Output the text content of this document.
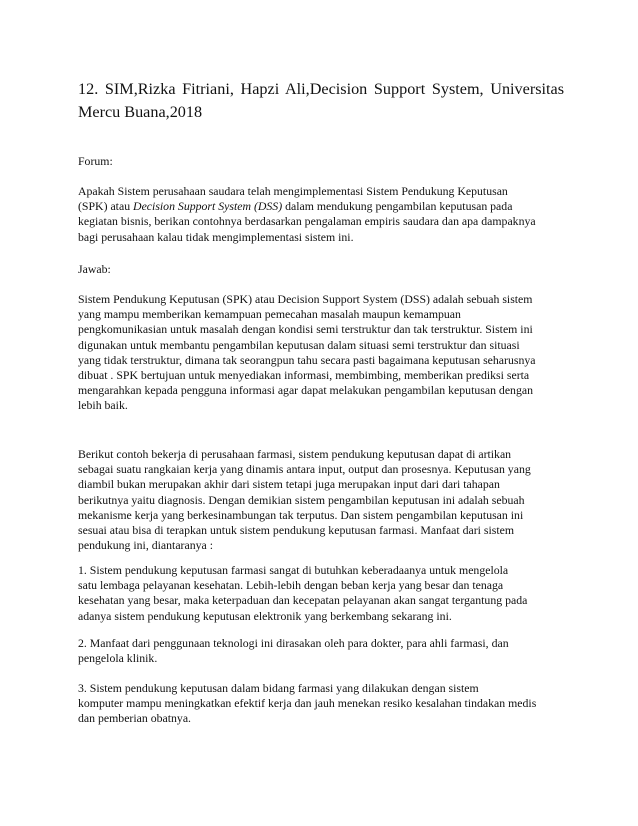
12. SIM,Rizka Fitriani, Hapzi Ali,Decision Support System, Universitas
Mercu Buana,2018
Forum:
Apakah Sistem perusahaan saudara telah mengimplementasi Sistem Pendukung Keputusan
(SPK) atau Decision Support System (DSS) dalam mendukung pengambilan keputusan pada
kegiatan bisnis, berikan contohnya berdasarkan pengalaman empiris saudara dan apa dampaknya
bagi perusahaan kalau tidak mengimplementasi sistem ini.
Jawab:
Sistem Pendukung Keputusan (SPK) atau Decision Support System (DSS) adalah sebuah sistem
yang mampu memberikan kemampuan pemecahan masalah maupun kemampuan
pengkomunikasian untuk masalah dengan kondisi semi terstruktur dan tak terstruktur. Sistem ini
digunakan untuk membantu pengambilan keputusan dalam situasi semi terstruktur dan situasi
yang tidak terstruktur, dimana tak seorangpun tahu secara pasti bagaimana keputusan seharusnya
dibuat . SPK bertujuan untuk menyediakan informasi, membimbing, memberikan prediksi serta
mengarahkan kepada pengguna informasi agar dapat melakukan pengambilan keputusan dengan
lebih baik.
Berikut contoh bekerja di perusahaan farmasi, sistem pendukung keputusan dapat di artikan
sebagai suatu rangkaian kerja yang dinamis antara input, output dan prosesnya. Keputusan yang
diambil bukan merupakan akhir dari sistem tetapi juga merupakan input dari dari tahapan
berikutnya yaitu diagnosis. Dengan demikian sistem pengambilan keputusan ini adalah sebuah
mekanisme kerja yang berkesinambungan tak terputus. Dan sistem pengambilan keputusan ini
sesuai atau bisa di terapkan untuk sistem pendukung keputusan farmasi. Manfaat dari sistem
pendukung ini, diantaranya :
1. Sistem pendukung keputusan farmasi sangat di butuhkan keberadaanya untuk mengelola
satu lembaga pelayanan kesehatan. Lebih-lebih dengan beban kerja yang besar dan tenaga
kesehatan yang besar, maka keterpaduan dan kecepatan pelayanan akan sangat tergantung pada
adanya sistem pendukung keputusan elektronik yang berkembang sekarang ini.
2. Manfaat dari penggunaan teknologi ini dirasakan oleh para dokter, para ahli farmasi, dan
pengelola klinik.
3. Sistem pendukung keputusan dalam bidang farmasi yang dilakukan dengan sistem
komputer mampu meningkatkan efektif kerja dan jauh menekan resiko kesalahan tindakan medis
dan pemberian obatnya.
